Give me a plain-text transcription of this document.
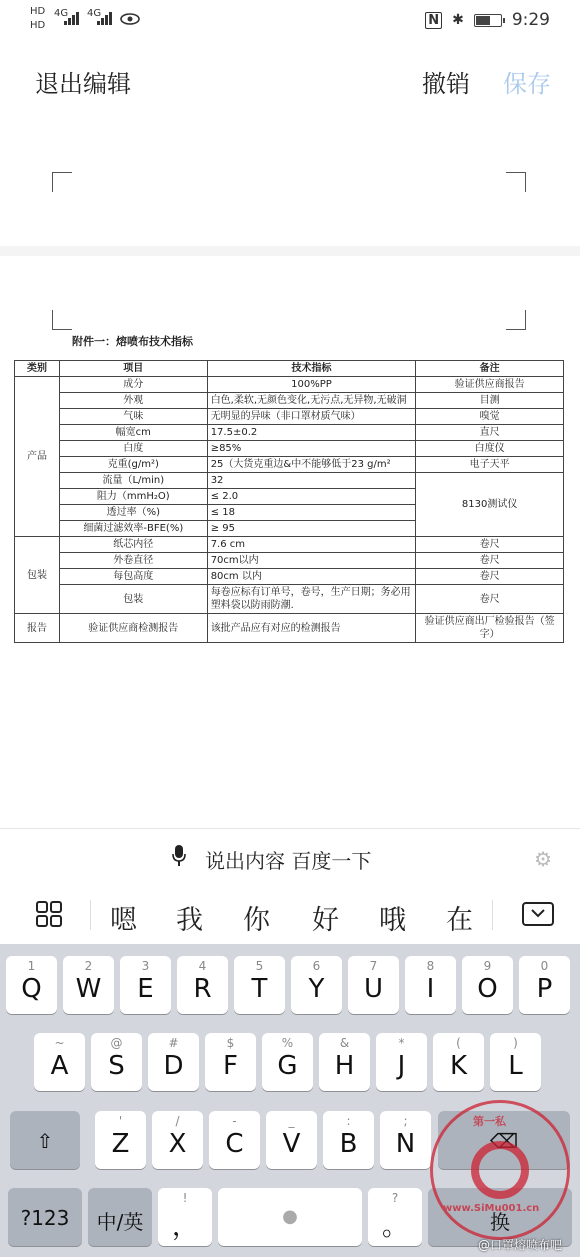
HD
HD
4G 4G	N ✱	9:29
退出编辑	撤销 保存
附件一：熔喷布技术指标
类别	项目	技术指标	备注
产品	成分	100%PP	验证供应商报告
	外观	白色,柔软,无颜色变化,无污点,无异物,无破洞	目测
	气味	无明显的异味（非口罩材质气味）	嗅觉
	幅宽cm	17.5±0.2	直尺
	白度	≥85%	白度仪
	克重(g/m²)	25（大货克重边&中不能够低于23 g/m²	电子天平
	流量（L/min)	32	8130测试仪
	阻力（mmH₂O)	≤ 2.0	
	透过率（%)	≤ 18	
	细菌过滤效率-BFE(%)	≥ 95	
包装	纸芯内径	7.6 cm	卷尺
	外卷直径	70cm以内	卷尺
	每包高度	80cm 以内	卷尺
	包装	每卷应标有订单号，卷号，生产日期；务必用塑料袋以防雨防潮.	卷尺
报告	验证供应商检测报告	该批产品应有对应的检测报告	验证供应商出厂检验报告（签字）
说出内容 百度一下	⚙
嗯 我 你 好 哦 在
1
Q
2
W
3
E
4
R
5
T
6
Y
7
U
8
I
9
O
0
P
~
A
@
S
#
D
$
F
%
G
&
H
*
J
(
K
)
L
⇧
'
Z
/
X
-
C
_
V
:
B
;
N	⌫
?123	中/英
!
，	●
?
。	换
第一私
www.SiMu001.cn
@口罩熔喷布吧
